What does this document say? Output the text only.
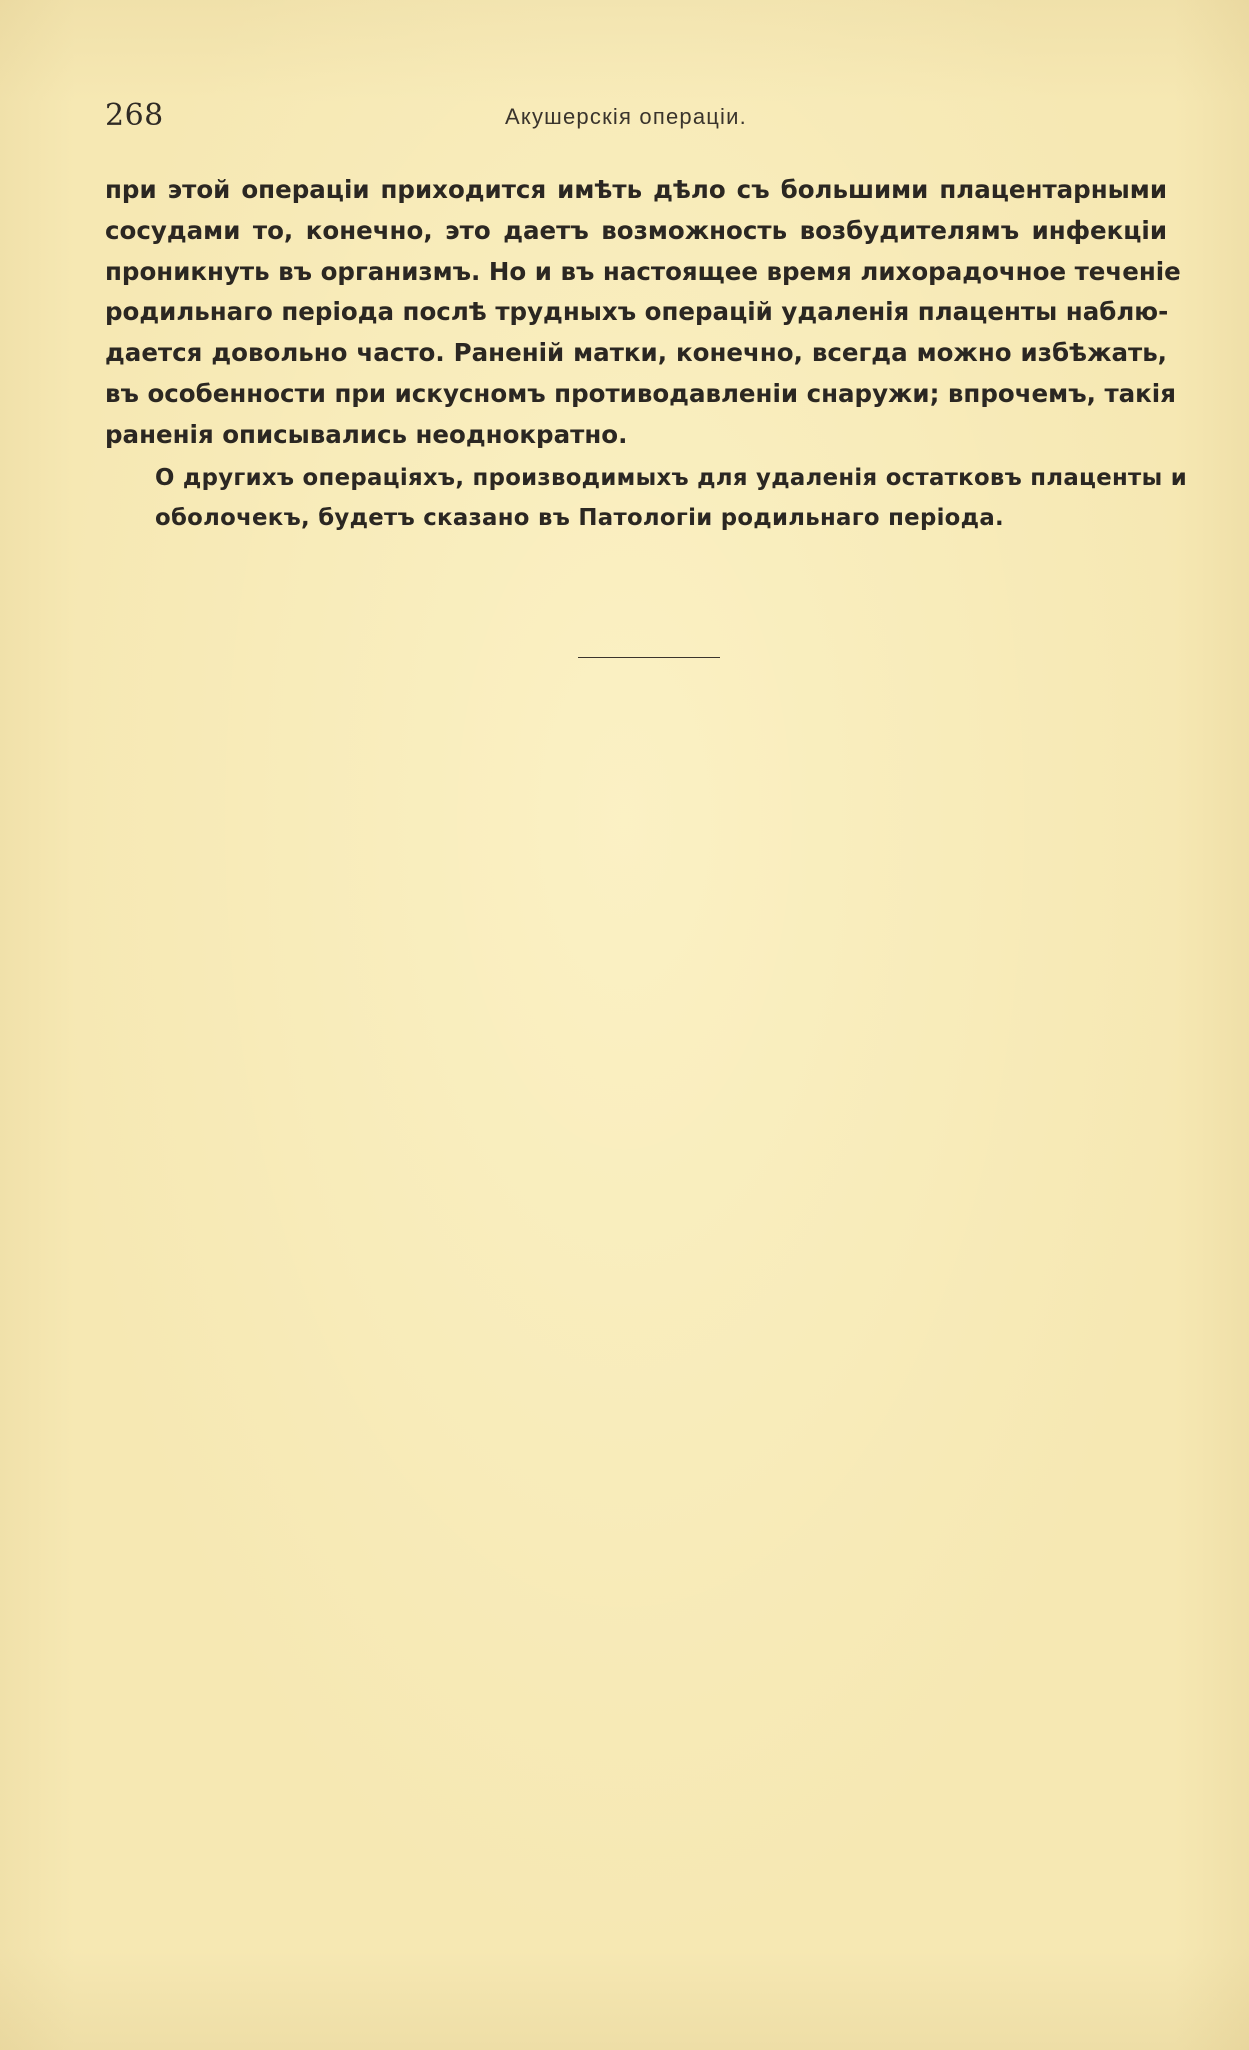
268	Акушерскія операціи.

при этой операціи приходится имѣть дѣло съ большими плацентарными
сосудами то, конечно, это даетъ возможность возбудителямъ инфекціи
проникнуть въ организмъ. Но и въ настоящее время лихорадочное теченіе
родильнаго періода послѣ трудныхъ операцій удаленія плаценты наблю-
дается довольно часто. Раненій матки, конечно, всегда можно избѣжать,
въ особенности при искусномъ противодавленіи снаружи; впрочемъ, такія
раненія описывались неоднократно.

О другихъ операціяхъ, производимыхъ для удаленія остатковъ плаценты и
оболочекъ, будетъ сказано въ Патологіи родильнаго періода.
